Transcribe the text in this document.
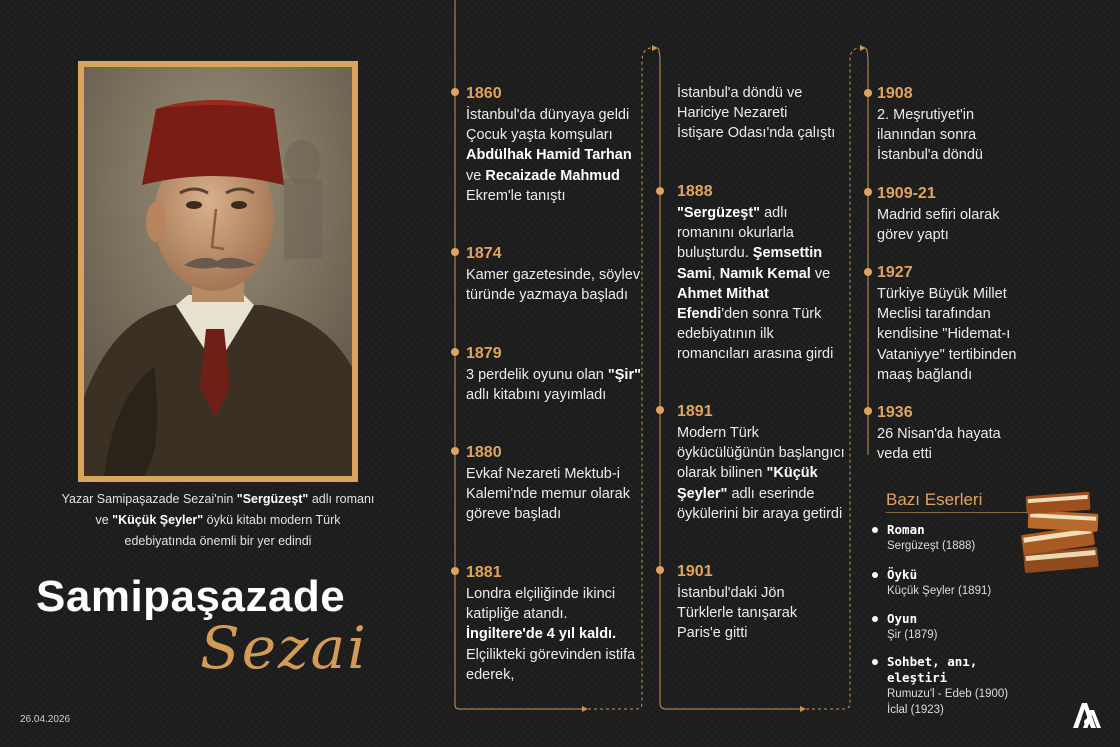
Yazar Samipaşazade Sezai'nin "Sergüzeşt" adlı romanı ve "Küçük Şeyler" öykü kitabı modern Türk edebiyatında önemli bir yer edindi
Samipaşazade
Sezai
26.04.2026
1860
İstanbul'da dünyaya geldi Çocuk yaşta komşuları Abdülhak Hamid Tarhan ve Recaizade Mahmud Ekrem'le tanıştı
1874
Kamer gazetesinde, söylev türünde yazmaya başladı
1879
3 perdelik oyunu olan "Şir" adlı kitabını yayımladı
1880
Evkaf Nezareti Mektub-i Kalemi'nde memur olarak göreve başladı
1881
Londra elçiliğinde ikinci katipliğe atandı. İngiltere'de 4 yıl kaldı. Elçilikteki görevinden istifa ederek,
İstanbul'a döndü ve Hariciye Nezareti İstişare Odası'nda çalıştı
1888
"Sergüzeşt" adlı romanını okurlarla buluşturdu. Şemsettin Sami, Namık Kemal ve Ahmet Mithat Efendi'den sonra Türk edebiyatının ilk romancıları arasına girdi
1891
Modern Türk öykücülüğünün başlangıcı olarak bilinen "Küçük Şeyler" adlı eserinde öykülerini bir araya getirdi
1901
İstanbul'daki Jön Türklerle tanışarak Paris'e gitti
1908
2. Meşrutiyet'in ilanından sonra İstanbul'a döndü
1909-21
Madrid sefiri olarak görev yaptı
1927
Türkiye Büyük Millet Meclisi tarafından kendisine "Hidemat-ı Vataniyye" tertibinden maaş bağlandı
1936
26 Nisan'da hayata veda etti
Bazı Eserleri
Roman
Sergüzeşt (1888)
Öykü
Küçük Şeyler (1891)
Oyun
Şir (1879)
Sohbet, anı, eleştiri
Rumuzu'l - Edeb (1900)
İclal (1923)
